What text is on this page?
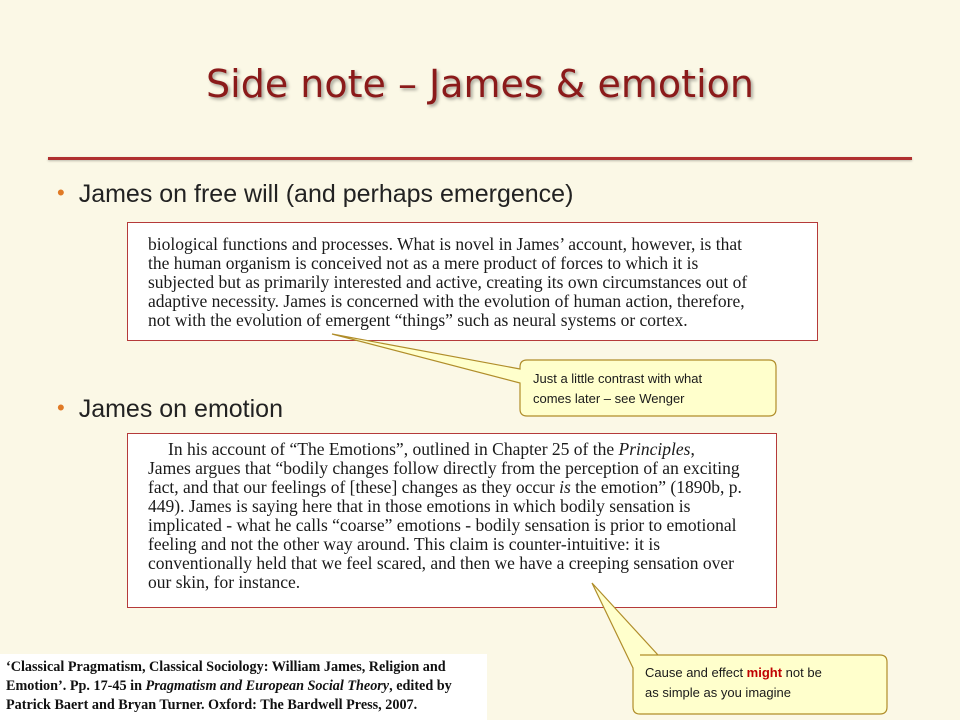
Side note – James & emotion
• James on free will (and perhaps emergence)

biological functions and processes. What is novel in James’ account, however, is that
the human organism is conceived not as a mere product of forces to which it is
subjected but as primarily interested and active, creating its own circumstances out of
adaptive necessity. James is concerned with the evolution of human action, therefore,
not with the evolution of emergent “things” such as neural systems or cortex.
• James on emotion
In his account of “The Emotions”, outlined in Chapter 25 of the Principles,
James argues that “bodily changes follow directly from the perception of an exciting
fact, and that our feelings of [these] changes as they occur is the emotion” (1890b, p.
449). James is saying here that in those emotions in which bodily sensation is
implicated - what he calls “coarse” emotions - bodily sensation is prior to emotional
feeling and not the other way around. This claim is counter-intuitive: it is
conventionally held that we feel scared, and then we have a creeping sensation over
our skin, for instance.
Just a little contrast with what
comes later – see Wenger
Cause and effect might not be
as simple as you imagine
‘Classical Pragmatism, Classical Sociology: William James, Religion and
Emotion’. Pp. 17-45 in Pragmatism and European Social Theory, edited by
Patrick Baert and Bryan Turner. Oxford: The Bardwell Press, 2007.
